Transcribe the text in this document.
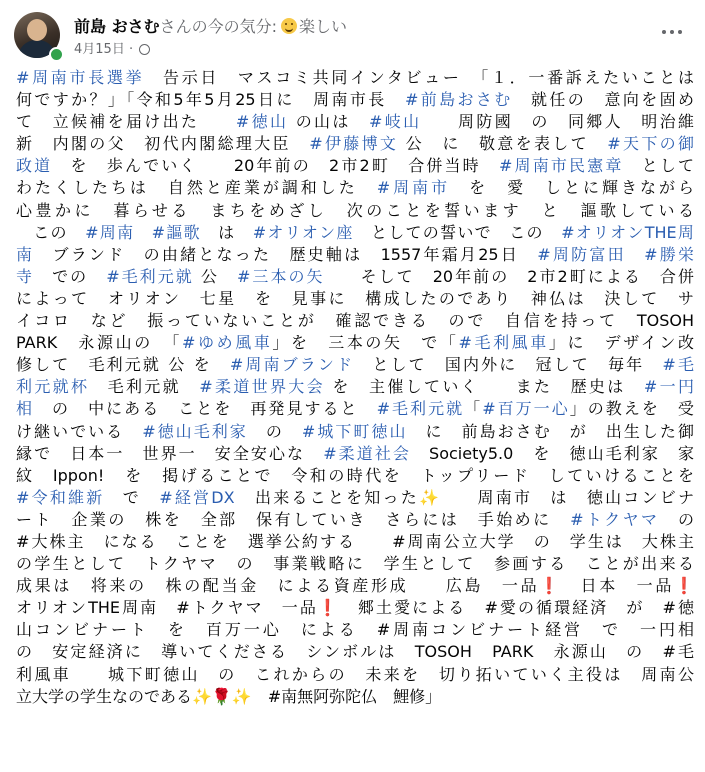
前島 おさむさんの今の気分: 楽しい
4月15日 ·
#周南市長選挙　告示日　マスコミ共同インタビュー　「１．一番訴えたいことは
何ですか？」「令和5年5月25日に　周南市長　#前島おさむ　就任の　意向を固め
て　立候補を届け出た　　#徳山 の山は　#岐山　　周防國　の　同郷人　明治維
新　内閣の父　初代内閣総理大臣　#伊藤博文 公　に　敬意を表して　#天下の御
政道　を　歩んでいく　　20年前の　2市2町　合併当時　#周南市民憲章　として
わたくしたちは　自然と産業が調和した　#周南市　を　愛　しとに輝きながら
心豊かに　暮らせる　まちをめざし　次のことを誓います　と　謳歌している
　この　#周南　 #謳歌　は　#オリオン座　としての誓いで　この　#オリオンTHE周
南　ブランド　の由緒となった　歴史軸は　1557年霜月25日　#周防富田　 #勝栄
寺　での　#毛利元就 公　#三本の矢　　そして　20年前の　2市2町による　合併
によって　オリオン　七星　を　見事に　構成したのであり　神仏は　決して　サ
イコロ　など　振っていないことが　確認できる　ので　自信を持って　TOSOH
PARK　永源山の　「#ゆめ風車」を　三本の矢　で「#毛利風車」に　デザイン改
修して　毛利元就 公 を　#周南ブランド　として　国内外に　冠して　毎年　#毛
利元就杯　毛利元就　#柔道世界大会 を　主催していく　　また　歴史は　#一円
相　の　中にある　ことを　再発見すると　#毛利元就「#百万一心」の教えを　受
け継いでいる　#徳山毛利家　の　#城下町徳山　に　前島おさむ　が　出生した御
縁で　日本一　世界一　安全安心な　#柔道社会　Society5.0　を　徳山毛利家　家
紋　Ippon!　を　掲げることで　令和の時代を　トップリード　していけることを
#令和維新　で　#経営DX　出来ることを知った✨　　周南市　は　徳山コンビナ
ート　企業の　株を　全部　保有していき　さらには　手始めに　#トクヤマ　の
#大株主　になる　ことを　選挙公約する　　#周南公立大学　の　学生は　大株主
の学生として　トクヤマ　の　事業戦略に　学生として　参画する　ことが出来る
成果は　将来の　株の配当金　による資産形成　　広島　一品❗　日本　一品❗
オリオンTHE周南　#トクヤマ　一品❗　郷土愛による　#愛の循環経済　が　#徳
山コンビナート　を　百万一心　による　#周南コンビナート経営　で　一円相
の　安定経済に　導いてくださる　シンボルは　TOSOH　PARK　永源山　の　#毛
利風車　　城下町徳山　の　これからの　未来を　切り拓いていく主役は　周南公
立大学の学生なのである✨🌹✨　#南無阿弥陀仏　鯉修」
